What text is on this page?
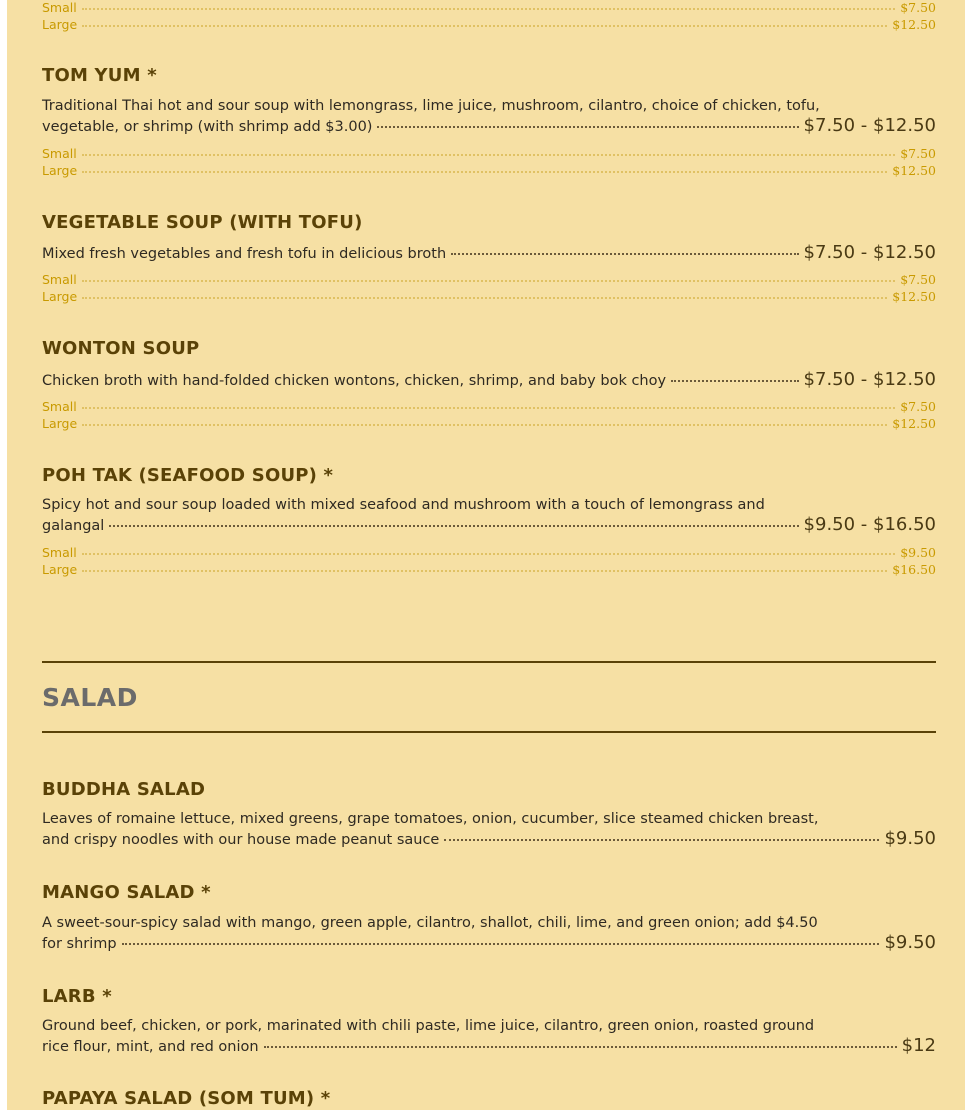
Small	$7.50
Large	$12.50
TOM YUM *
Traditional Thai hot and sour soup with lemongrass, lime juice, mushroom, cilantro, choice of chicken, tofu,
vegetable, or shrimp (with shrimp add $3.00)	$7.50 - $12.50
Small	$7.50
Large	$12.50
VEGETABLE SOUP (WITH TOFU)
Mixed fresh vegetables and fresh tofu in delicious broth	$7.50 - $12.50
Small	$7.50
Large	$12.50
WONTON SOUP
Chicken broth with hand-folded chicken wontons, chicken, shrimp, and baby bok choy	$7.50 - $12.50
Small	$7.50
Large	$12.50
POH TAK (SEAFOOD SOUP) *
Spicy hot and sour soup loaded with mixed seafood and mushroom with a touch of lemongrass and
galangal	$9.50 - $16.50
Small	$9.50
Large	$16.50
SALAD
BUDDHA SALAD
Leaves of romaine lettuce, mixed greens, grape tomatoes, onion, cucumber, slice steamed chicken breast,
and crispy noodles with our house made peanut sauce	$9.50
MANGO SALAD *
A sweet-sour-spicy salad with mango, green apple, cilantro, shallot, chili, lime, and green onion; add $4.50
for shrimp	$9.50
LARB *
Ground beef, chicken, or pork, marinated with chili paste, lime juice, cilantro, green onion, roasted ground
rice flour, mint, and red onion	$12
PAPAYA SALAD (SOM TUM) *
